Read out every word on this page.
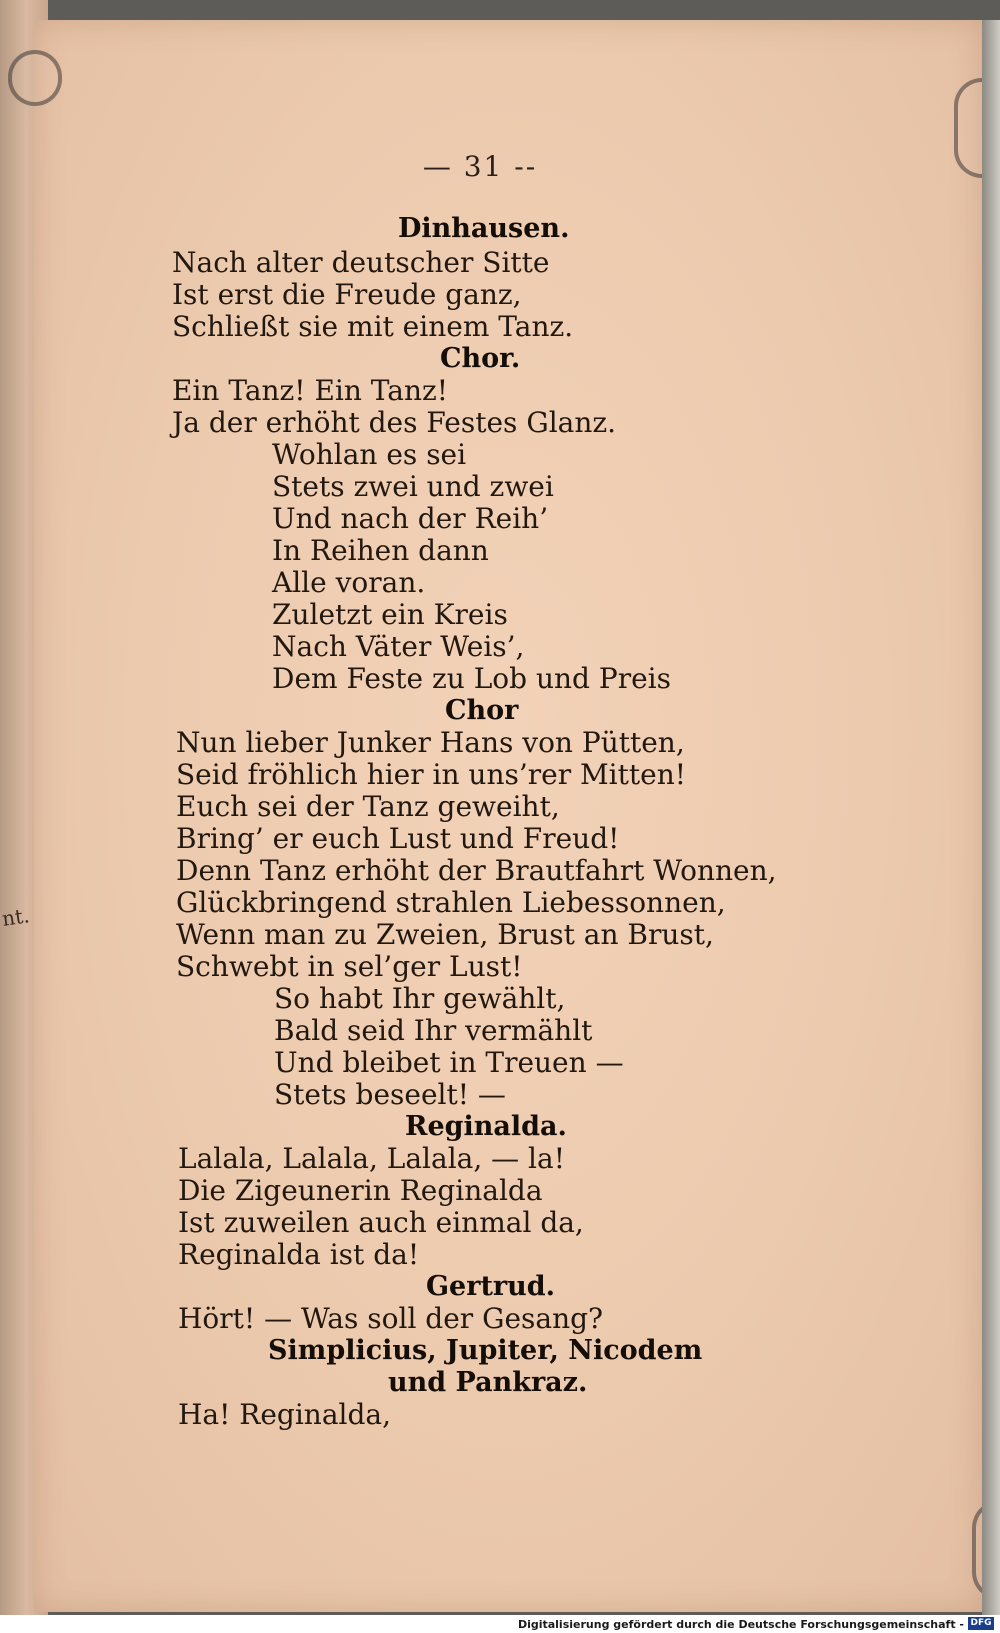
nt.
— 31 --
Dinhausen.
Nach alter deutscher Sitte
Ist erst die Freude ganz,
Schließt sie mit einem Tanz.
Chor.
Ein Tanz! Ein Tanz!
Ja der erhöht des Festes Glanz.
Wohlan es sei
Stets zwei und zwei
Und nach der Reih’
In Reihen dann
Alle voran.
Zuletzt ein Kreis
Nach Väter Weis’,
Dem Feste zu Lob und Preis
Chor
Nun lieber Junker Hans von Pütten,
Seid fröhlich hier in uns’rer Mitten!
Euch sei der Tanz geweiht,
Bring’ er euch Lust und Freud!
Denn Tanz erhöht der Brautfahrt Wonnen,
Glückbringend strahlen Liebessonnen,
Wenn man zu Zweien, Brust an Brust,
Schwebt in sel’ger Lust!
So habt Ihr gewählt,
Bald seid Ihr vermählt
Und bleibet in Treuen —
Stets beseelt! —
Reginalda.
Lalala, Lalala, Lalala, — la!
Die Zigeunerin Reginalda
Ist zuweilen auch einmal da,
Reginalda ist da!
Gertrud.
Hört! — Was soll der Gesang?
Simplicius, Jupiter, Nicodem
und Pankraz.
Ha! Reginalda,
Digitalisierung gefördert durch die Deutsche Forschungsgemeinschaft - DFG
